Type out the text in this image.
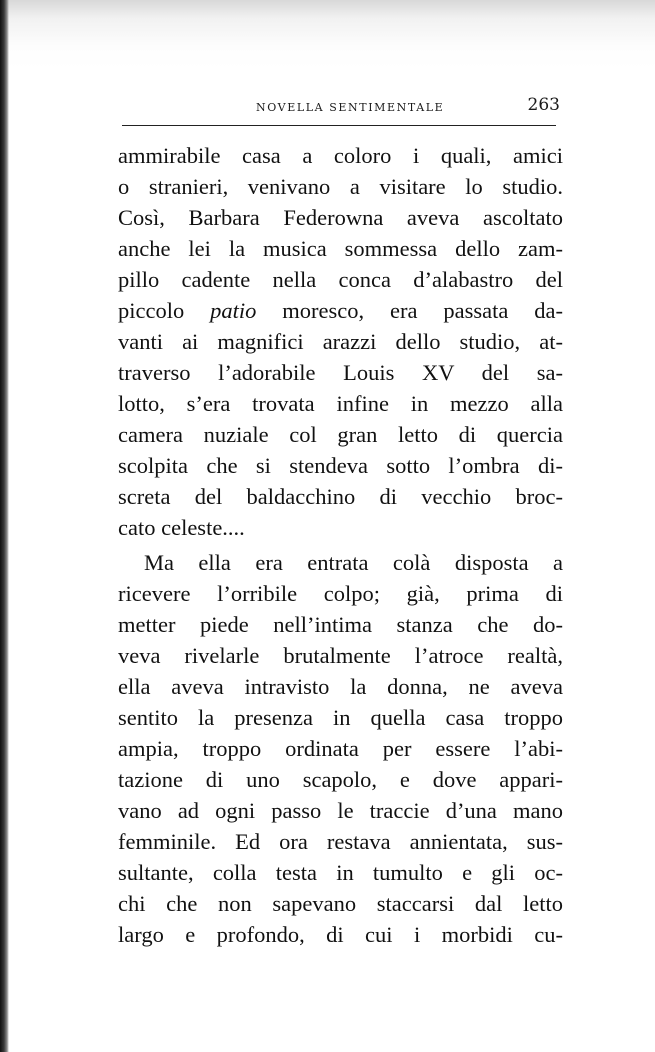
NOVELLA SENTIMENTALE	263
ammirabile casa a coloro i quali, amici
o stranieri, venivano a visitare lo studio.
Così, Barbara Federowna aveva ascoltato
anche lei la musica sommessa dello zam-
pillo cadente nella conca d’alabastro del
piccolo patio moresco, era passata da-
vanti ai magnifici arazzi dello studio, at-
traverso l’adorabile Louis XV del sa-
lotto, s’era trovata infine in mezzo alla
camera nuziale col gran letto di quercia
scolpita che si stendeva sotto l’ombra di-
screta del baldacchino di vecchio broc-
cato celeste....
Ma ella era entrata colà disposta a
ricevere l’orribile colpo; già, prima di
metter piede nell’intima stanza che do-
veva rivelarle brutalmente l’atroce realtà,
ella aveva intravisto la donna, ne aveva
sentito la presenza in quella casa troppo
ampia, troppo ordinata per essere l’abi-
tazione di uno scapolo, e dove appari-
vano ad ogni passo le traccie d’una mano
femminile. Ed ora restava annientata, sus-
sultante, colla testa in tumulto e gli oc-
chi che non sapevano staccarsi dal letto
largo e profondo, di cui i morbidi cu-
